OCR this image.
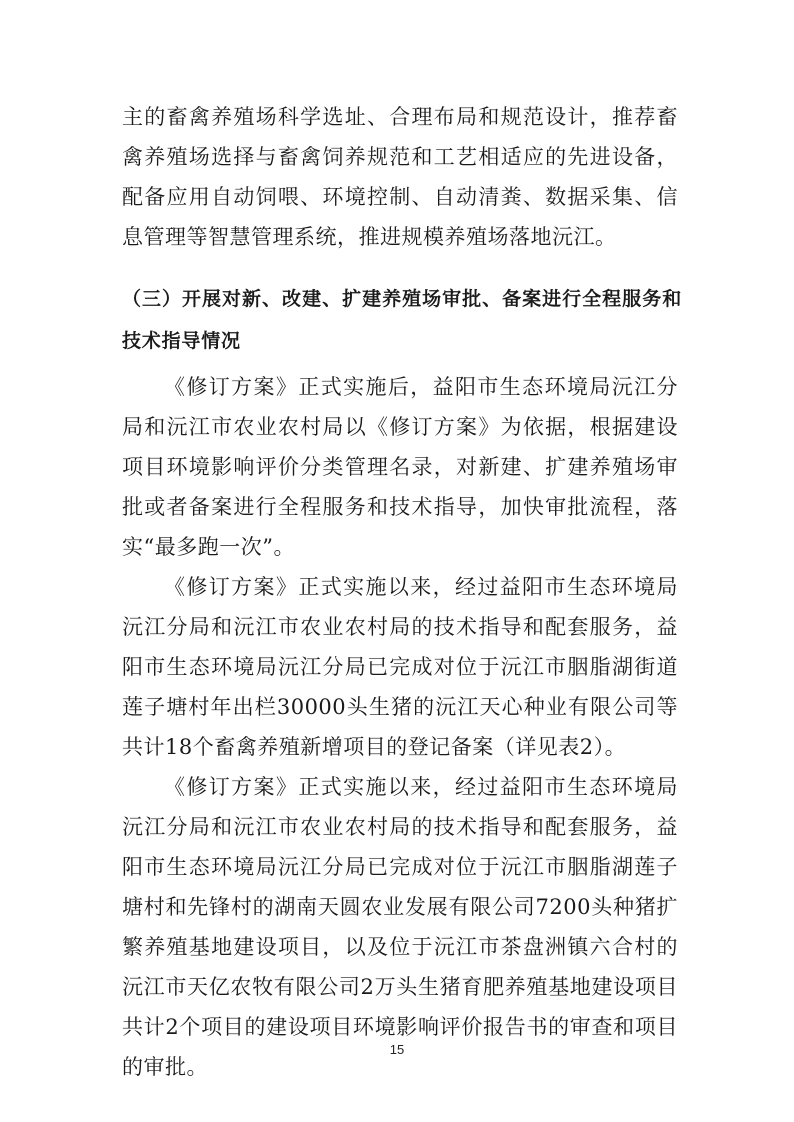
主的畜禽养殖场科学选址、合理布局和规范设计，推荐畜禽养殖场选择与畜禽饲养规范和工艺相适应的先进设备，配备应用自动饲喂、环境控制、自动清粪、数据采集、信息管理等智慧管理系统，推进规模养殖场落地沅江。

（三）开展对新、改建、扩建养殖场审批、备案进行全程服务和技术指导情况

《修订方案》正式实施后，益阳市生态环境局沅江分局和沅江市农业农村局以《修订方案》为依据，根据建设项目环境影响评价分类管理名录，对新建、扩建养殖场审批或者备案进行全程服务和技术指导，加快审批流程，落实“最多跑一次”。

《修订方案》正式实施以来，经过益阳市生态环境局沅江分局和沅江市农业农村局的技术指导和配套服务，益阳市生态环境局沅江分局已完成对位于沅江市胭脂湖街道莲子塘村年出栏30000头生猪的沅江天心种业有限公司等共计18个畜禽养殖新增项目的登记备案（详见表2）。

《修订方案》正式实施以来，经过益阳市生态环境局沅江分局和沅江市农业农村局的技术指导和配套服务，益阳市生态环境局沅江分局已完成对位于沅江市胭脂湖莲子塘村和先锋村的湖南天圆农业发展有限公司7200头种猪扩繁养殖基地建设项目，以及位于沅江市茶盘洲镇六合村的沅江市天亿农牧有限公司2万头生猪育肥养殖基地建设项目共计2个项目的建设项目环境影响评价报告书的审查和项目的审批。

15
